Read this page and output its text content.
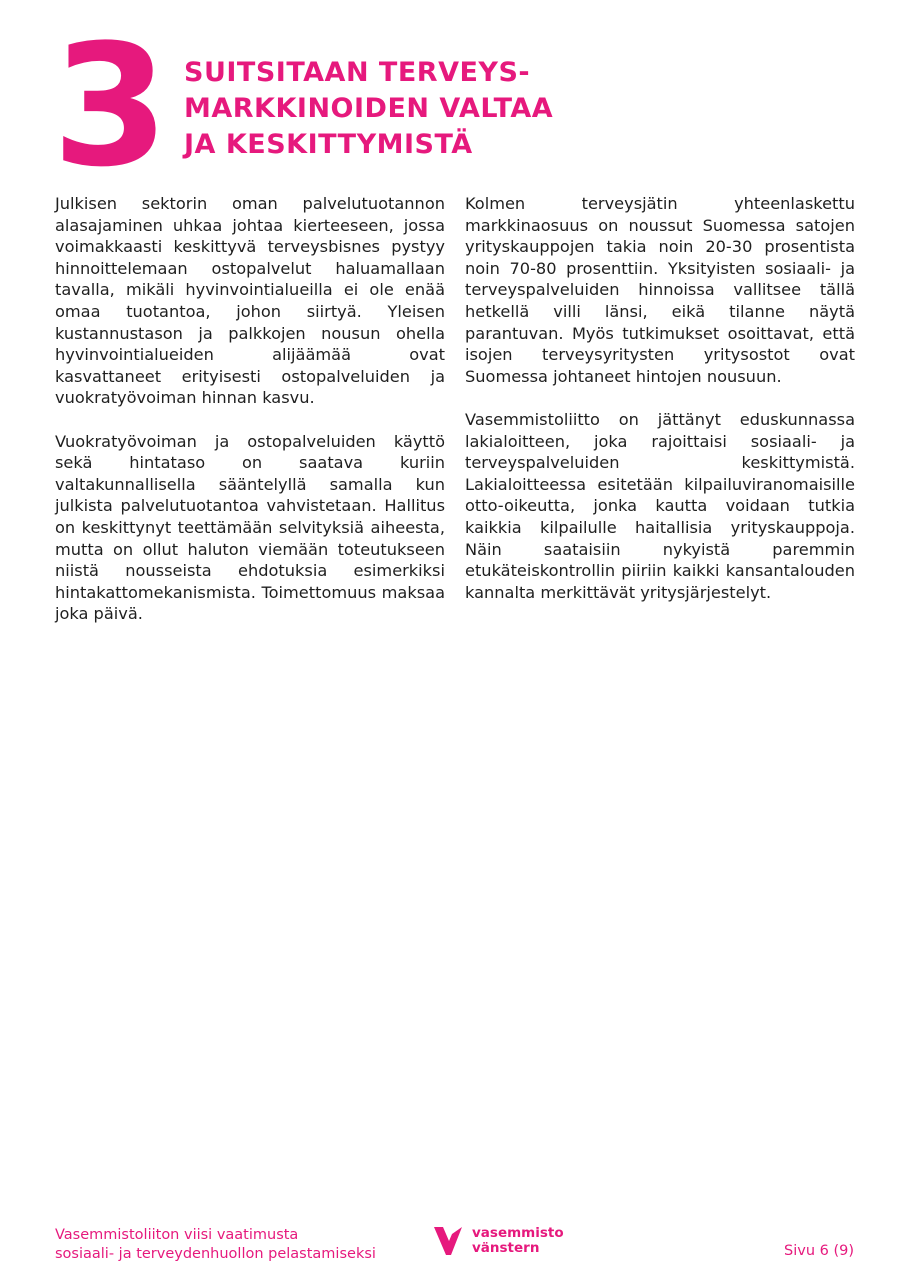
3 SUITSITAAN TERVEYS-
MARKKINOIDEN VALTAA
JA KESKITTYMISTÄ

Julkisen sektorin oman palvelutuotannon alasajaminen uhkaa johtaa kierteeseen, jossa voimakkaasti keskittyvä terveysbisnes pystyy hinnoittelemaan ostopalvelut haluamallaan tavalla, mikäli hyvinvointialueilla ei ole enää omaa tuotantoa, johon siirtyä. Yleisen kustannustason ja palkkojen nousun ohella hyvinvointialueiden alijäämää ovat kasvattaneet erityisesti ostopalveluiden ja vuokratyövoiman hinnan kasvu.

Vuokratyövoiman ja ostopalveluiden käyttö sekä hintataso on saatava kuriin valtakunnallisella sääntelyllä samalla kun julkista palvelutuotantoa vahvistetaan. Hallitus on keskittynyt teettämään selvityksiä aiheesta, mutta on ollut haluton viemään toteutukseen niistä nousseista ehdotuksia esimerkiksi hintakattomekanismista. Toimettomuus maksaa joka päivä.

Kolmen terveysjätin yhteenlaskettu markkinaosuus on noussut Suomessa satojen yrityskauppojen takia noin 20-30 prosentista noin 70-80 prosenttiin. Yksityisten sosiaali- ja terveyspalveluiden hinnoissa vallitsee tällä hetkellä villi länsi, eikä tilanne näytä parantuvan. Myös tutkimukset osoittavat, että isojen terveysyritysten yritysostot ovat Suomessa johtaneet hintojen nousuun.

Vasemmistoliitto on jättänyt eduskunnassa lakialoitteen, joka rajoittaisi sosiaali- ja terveyspalveluiden keskittymistä. Lakialoitteessa esitetään kilpailuviranomaisille otto-oikeutta, jonka kautta voidaan tutkia kaikkia kilpailulle haitallisia yrityskauppoja. Näin saataisiin nykyistä paremmin etukäteiskontrollin piiriin kaikki kansantalouden kannalta merkittävät yritysjärjestelyt.

Vasemmistoliiton viisi vaatimusta
sosiaali- ja terveydenhuollon pelastamiseksi
vasemmisto
vänstern	Sivu 6 (9)
